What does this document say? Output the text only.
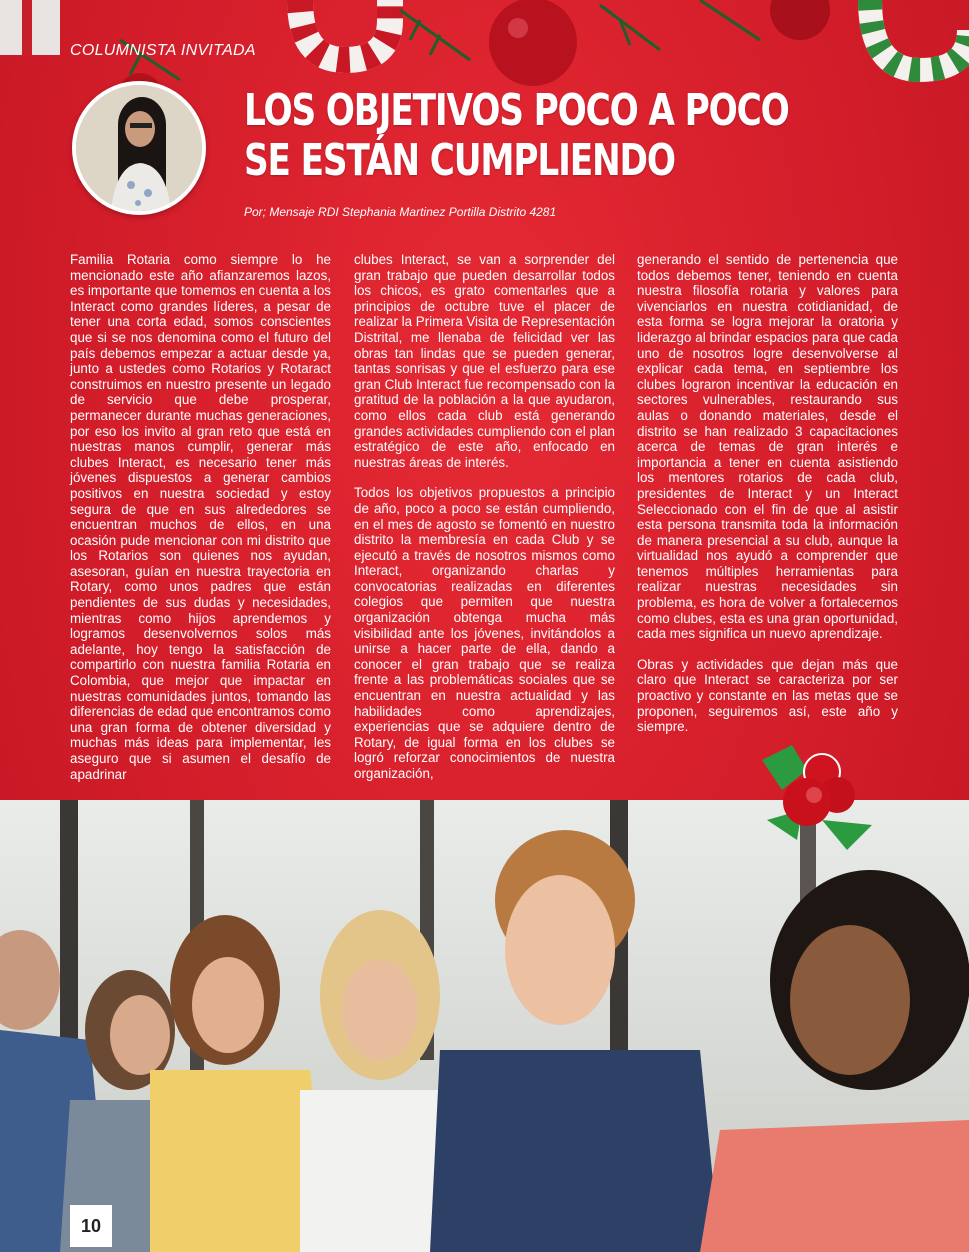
COLUMNISTA INVITADA
LOS OBJETIVOS POCO A POCO
SE ESTÁN CUMPLIENDO
Por; Mensaje RDI Stephania Martinez Portilla Distrito 4281

Familia Rotaria como siempre lo he mencionado este año afianzaremos lazos, es importante que tomemos en cuenta a los Interact como grandes líderes, a pesar de tener una corta edad, somos conscientes que si se nos denomina como el futuro del país debemos empezar a actuar desde ya, junto a ustedes como Rotarios y Rotaract construimos en nuestro presente un legado de servicio que debe prosperar, permanecer durante muchas generaciones, por eso los invito al gran reto que está en nuestras manos cumplir, generar más clubes Interact, es necesario tener más jóvenes dispuestos a generar cambios positivos en nuestra sociedad y estoy segura de que en sus alrededores se encuentran muchos de ellos, en una ocasión pude mencionar con mi distrito que los Rotarios son quienes nos ayudan, asesoran, guían en nuestra trayectoria en Rotary, como unos padres que están pendientes de sus dudas y necesidades, mientras como hijos aprendemos y logramos desenvolvernos solos más adelante, hoy tengo la satisfacción de compartirlo con nuestra familia Rotaria en Colombia, que mejor que impactar en nuestras comunidades juntos, tomando las diferencias de edad que encontramos como una gran forma de obtener diversidad y muchas más ideas para implementar, les aseguro que si asumen el desafío de apadrinar

clubes Interact, se van a sorprender del gran trabajo que pueden desarrollar todos los chicos, es grato comentarles que a principios de octubre tuve el placer de realizar la Primera Visita de Representación Distrital, me llenaba de felicidad ver las obras tan lindas que se pueden generar, tantas sonrisas y que el esfuerzo para ese gran Club Interact fue recompensado con la gratitud de la población a la que ayudaron, como ellos cada club está generando grandes actividades cumpliendo con el plan estratégico de este año, enfocado en nuestras áreas de interés.

Todos los objetivos propuestos a principio de año, poco a poco se están cumpliendo, en el mes de agosto se fomentó en nuestro distrito la membresía en cada Club y se ejecutó a través de nosotros mismos como Interact, organizando charlas y convocatorias realizadas en diferentes colegios que permiten que nuestra organización obtenga mucha más visibilidad ante los jóvenes, invitándolos a unirse a hacer parte de ella, dando a conocer el gran trabajo que se realiza frente a las problemáticas sociales que se encuentran en nuestra actualidad y las habilidades como aprendizajes, experiencias que se adquiere dentro de Rotary, de igual forma en los clubes se logró reforzar conocimientos de nuestra organización,

generando el sentido de pertenencia que todos debemos tener, teniendo en cuenta nuestra filosofía rotaria y valores para vivenciarlos en nuestra cotidianidad, de esta forma se logra mejorar la oratoria y liderazgo al brindar espacios para que cada uno de nosotros logre desenvolverse al explicar cada tema, en septiembre los clubes lograron incentivar la educación en sectores vulnerables, restaurando sus aulas o donando materiales, desde el distrito se han realizado 3 capacitaciones acerca de temas de gran interés e importancia a tener en cuenta asistiendo los mentores rotarios de cada club, presidentes de Interact y un Interact Seleccionado con el fin de que al asistir esta persona transmita toda la información de manera presencial a su club, aunque la virtualidad nos ayudó a comprender que tenemos múltiples herramientas para realizar nuestras necesidades sin problema, es hora de volver a fortalecernos como clubes, esta es una gran oportunidad, cada mes significa un nuevo aprendizaje.

Obras y actividades que dejan más que claro que Interact se caracteriza por ser proactivo y constante en las metas que se proponen, seguiremos así, este año y siempre.

10
